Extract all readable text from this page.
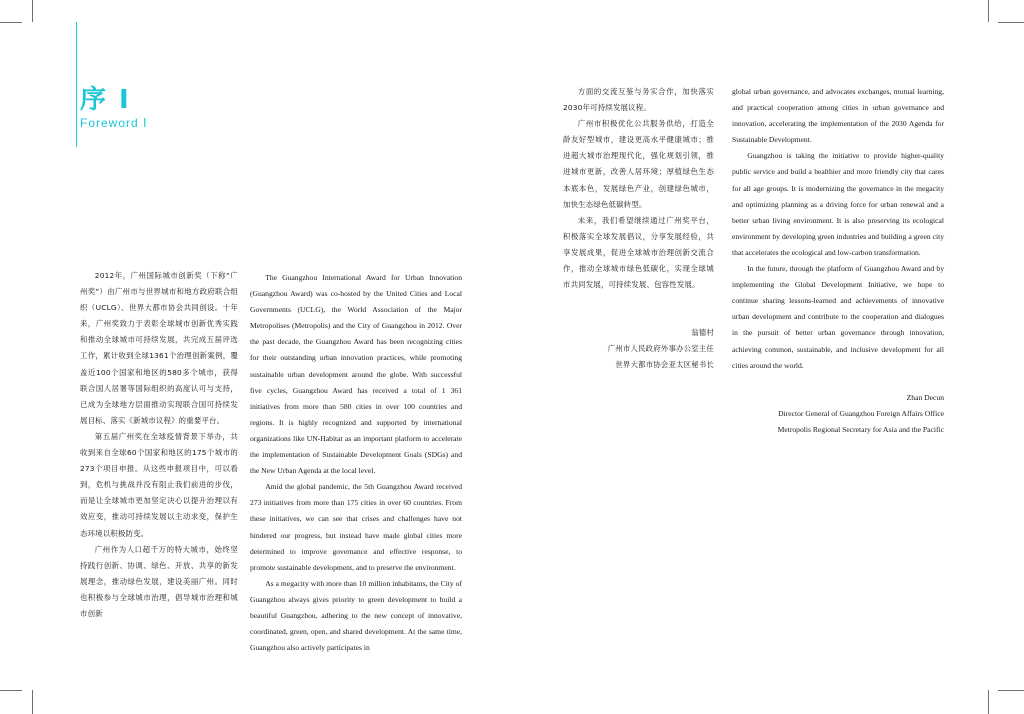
序 I
Foreword Ⅰ

2012年，广州国际城市创新奖（下称“广州奖”）由广州市与世界城市和地方政府联合组织（UCLG）、世界大都市协会共同创设。十年来，广州奖致力于表彰全球城市创新优秀实践和推动全球城市可持续发展，共完成五届评选工作，累计收到全球1361个治理创新案例，覆盖近100个国家和地区的580多个城市，获得联合国人居署等国际组织的高度认可与支持，已成为全球地方层面推动实现联合国可持续发展目标、落实《新城市议程》的重要平台。

第五届广州奖在全球疫情背景下举办，共收到来自全球60个国家和地区的175个城市的273个项目申报。从这些申报项目中，可以看到，危机与挑战并没有阻止我们前进的步伐，而是让全球城市更加坚定决心以提升治理以有效应变，推动可持续发展以主动求变，保护生态环境以积极防变。

广州作为人口超千万的特大城市，始终坚持践行创新、协调、绿色、开放、共享的新发展理念，推动绿色发展，建设美丽广州。同时也积极参与全球城市治理，倡导城市治理和城市创新

The Guangzhou International Award for Urban Innovation (Guangzhou Award) was co-hosted by the United Cities and Local Governments (UCLG), the World Association of the Major Metropolises (Metropolis) and the City of Guangzhou in 2012. Over the past decade, the Guangzhou Award has been recognizing cities for their outstanding urban innovation practices, while promoting sustainable urban development around the globe. With successful five cycles, Guangzhou Award has received a total of 1 361 initiatives from more than 580 cities in over 100 countries and regions. It is highly recognized and supported by international organizations like UN-Habitat as an important platform to accelerate the implementation of Sustainable Development Goals (SDGs) and the New Urban Agenda at the local level.

Amid the global pandemic, the 5th Guangzhou Award received 273 initiatives from more than 175 cities in over 60 countries. From these initiatives, we can see that crises and challenges have not hindered our progress, but instead have made global cities more determined to improve governance and effective response, to promote sustainable development, and to preserve the environment.

As a megacity with more than 10 million inhabitants, the City of Guangzhou always gives priority to green development to build a beautiful Guangzhou, adhering to the new concept of innovative, coordinated, green, open, and shared development. At the same time, Guangzhou also actively participates in

方面的交流互鉴与务实合作，加快落实2030年可持续发展议程。

广州市积极优化公共服务供给，打造全龄友好型城市，建设更高水平健康城市；推进超大城市治理现代化，强化规划引领，推进城市更新，改善人居环境；厚植绿色生态本底本色，发展绿色产业，创建绿色城市，加快生态绿色低碳转型。

未来，我们希望继续通过广州奖平台，积极落实全球发展倡议，分享发展经验，共享发展成果，促进全球城市治理创新交流合作，推动全球城市绿色低碳化，实现全球城市共同发展，可持续发展、包容性发展。

翁德村

广州市人民政府外事办公室主任

世界大都市协会亚太区秘书长

global urban governance, and advocates exchanges, mutual learning, and practical cooperation among cities in urban governance and innovation, accelerating the implementation of the 2030 Agenda for Sustainable Development.

Guangzhou is taking the initiative to provide higher-quality public service and build a healthier and more friendly city that cares for all age groups. It is modernizing the governance in the megacity and optimizing planning as a driving force for urban renewal and a better urban living environment. It is also preserving its ecological environment by developing green industries and building a green city that accelerates the ecological and low-carbon transformation.

In the future, through the platform of Guangzhou Award and by implementing the Global Development Initiative, we hope to continue sharing lessons-learned and achievements of innovative urban development and contribute to the cooperation and dialogues in the pursuit of better urban governance through innovation, achieving common, sustainable, and inclusive development for all cities around the world.

Zhan Decun

Director General of Guangzhou Foreign Affairs Office

Metropolis Regional Secretary for Asia and the Pacific
